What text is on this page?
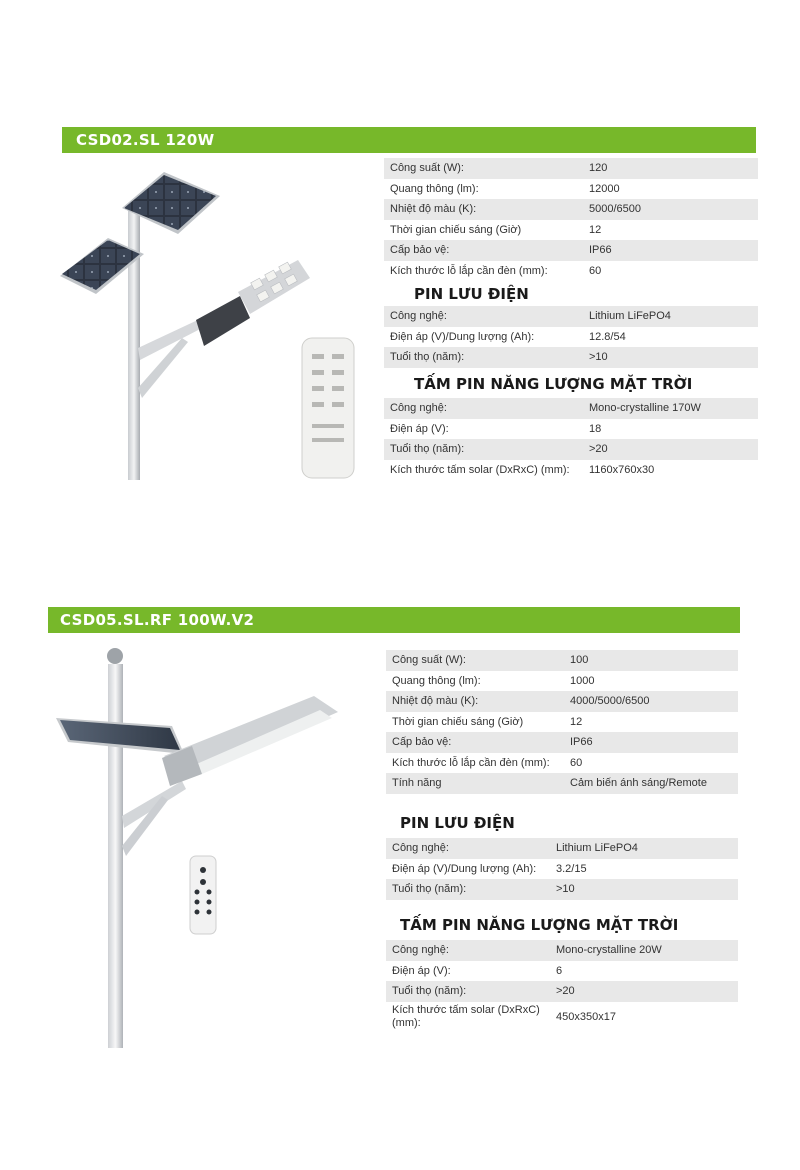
CSD02.SL 120W
Công suất (W):	120
Quang thông (lm):	12000
Nhiệt độ màu (K):	5000/6500
Thời gian chiếu sáng (Giờ)	12
Cấp bảo vệ:	IP66
Kích thước lỗ lắp cần đèn (mm):	60
PIN LƯU ĐIỆN
Công nghệ:	Lithium LiFePO4
Điện áp (V)/Dung lượng (Ah):	12.8/54
Tuổi thọ (năm):	>10
TẤM PIN NĂNG LƯỢNG MẶT TRỜI
Công nghệ:	Mono-crystalline 170W
Điện áp (V):	18
Tuổi thọ (năm):	>20
Kích thước tấm solar (DxRxC) (mm):	1160x760x30
CSD05.SL.RF 100W.V2
Công suất (W):	100
Quang thông (lm):	1000
Nhiệt độ màu (K):	4000/5000/6500
Thời gian chiếu sáng (Giờ)	12
Cấp bảo vệ:	IP66
Kích thước lỗ lắp cần đèn (mm):	60
Tính năng	Cảm biến ánh sáng/Remote
PIN LƯU ĐIỆN
Công nghệ:	Lithium LiFePO4
Điện áp (V)/Dung lượng (Ah):	3.2/15
Tuổi thọ (năm):	>10
TẤM PIN NĂNG LƯỢNG MẶT TRỜI
Công nghệ:	Mono-crystalline 20W
Điện áp (V):	6
Tuổi thọ (năm):	>20
Kích thước tấm solar (DxRxC) (mm):	450x350x17
